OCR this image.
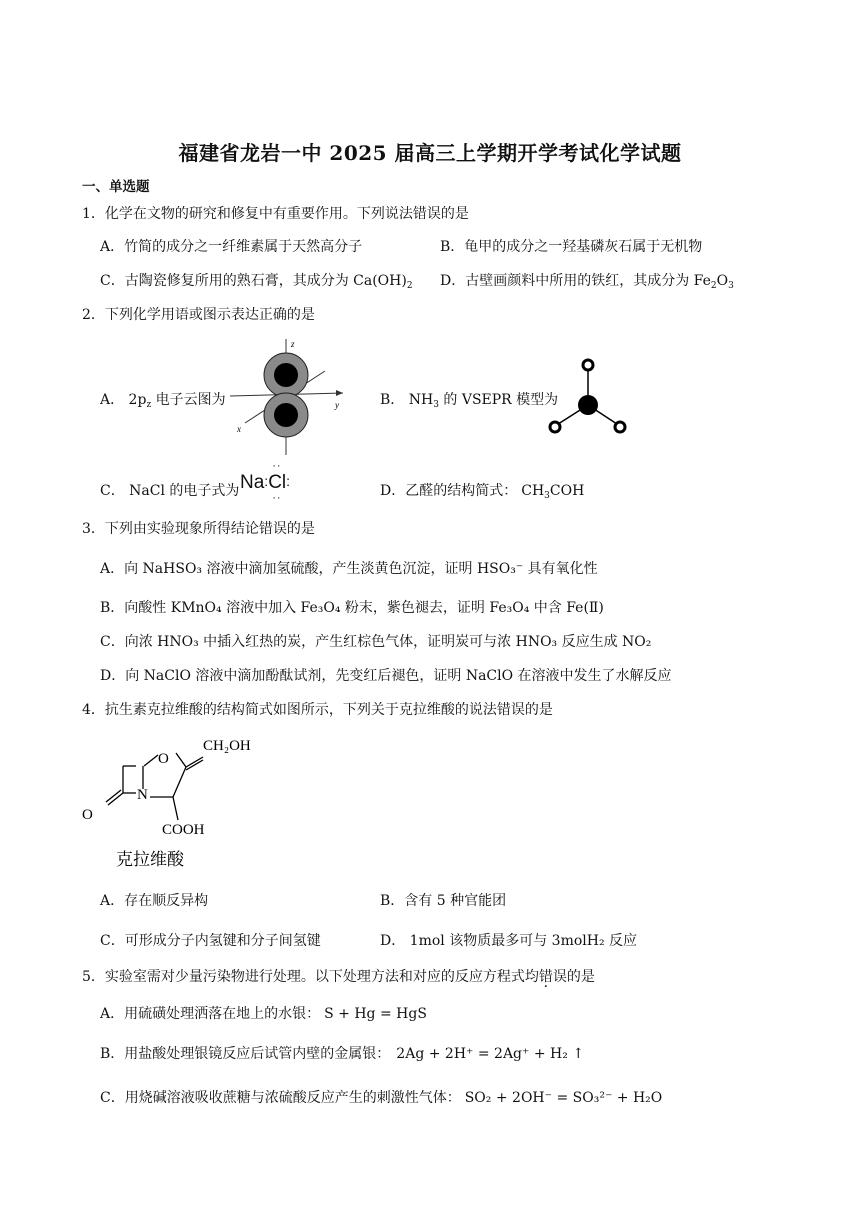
福建省龙岩一中 2025 届高三上学期开学考试化学试题
一、单选题
1．化学在文物的研究和修复中有重要作用。下列说法错误的是
A．竹简的成分之一纤维素属于天然高分子	B．龟甲的成分之一羟基磷灰石属于无机物
C．古陶瓷修复所用的熟石膏，其成分为 $Ca(OH)_2$ D．古壁画颜料中所用的铁红，其成分为 $Fe_2O_3$
2．下列化学用语或图示表达正确的是
A． $2p_z$ 电子云图为
z
y
x
B． $NH_3$ 的 VSEPR 模型为
C． NaCl 的电子式为 Na:
··
··
Cl:
D．乙醛的结构简式： $CH_3COH$
3．下列由实验现象所得结论错误的是
A．向 NaHSO₃ 溶液中滴加氢硫酸，产生淡黄色沉淀，证明 HSO₃⁻ 具有氧化性
B．向酸性 KMnO₄ 溶液中加入 Fe₃O₄ 粉末，紫色褪去，证明 Fe₃O₄ 中含 Fe(Ⅱ)
C．向浓 HNO₃ 中插入红热的炭，产生红棕色气体，证明炭可与浓 HNO₃ 反应生成 NO₂
D．向 NaClO 溶液中滴加酚酞试剂，先变红后褪色，证明 NaClO 在溶液中发生了水解反应
4．抗生素克拉维酸的结构简式如图所示，下列关于克拉维酸的说法错误的是
CH₂OH
O
N
O
COOH
克拉维酸
A．存在顺反异构	B．含有 5 种官能团
C．可形成分子内氢键和分子间氢键	D． 1mol 该物质最多可与 3molH₂ 反应
5．实验室需对少量污染物进行处理。以下处理方法和对应的反应方程式均错误的是
A．用硫磺处理洒落在地上的水银： S + Hg = HgS
B．用盐酸处理银镜反应后试管内壁的金属银： 2Ag + 2H⁺ = 2Ag⁺ + H₂ ↑
C．用烧碱溶液吸收蔗糖与浓硫酸反应产生的刺激性气体： SO₂ + 2OH⁻ = SO₃²⁻ + H₂O
